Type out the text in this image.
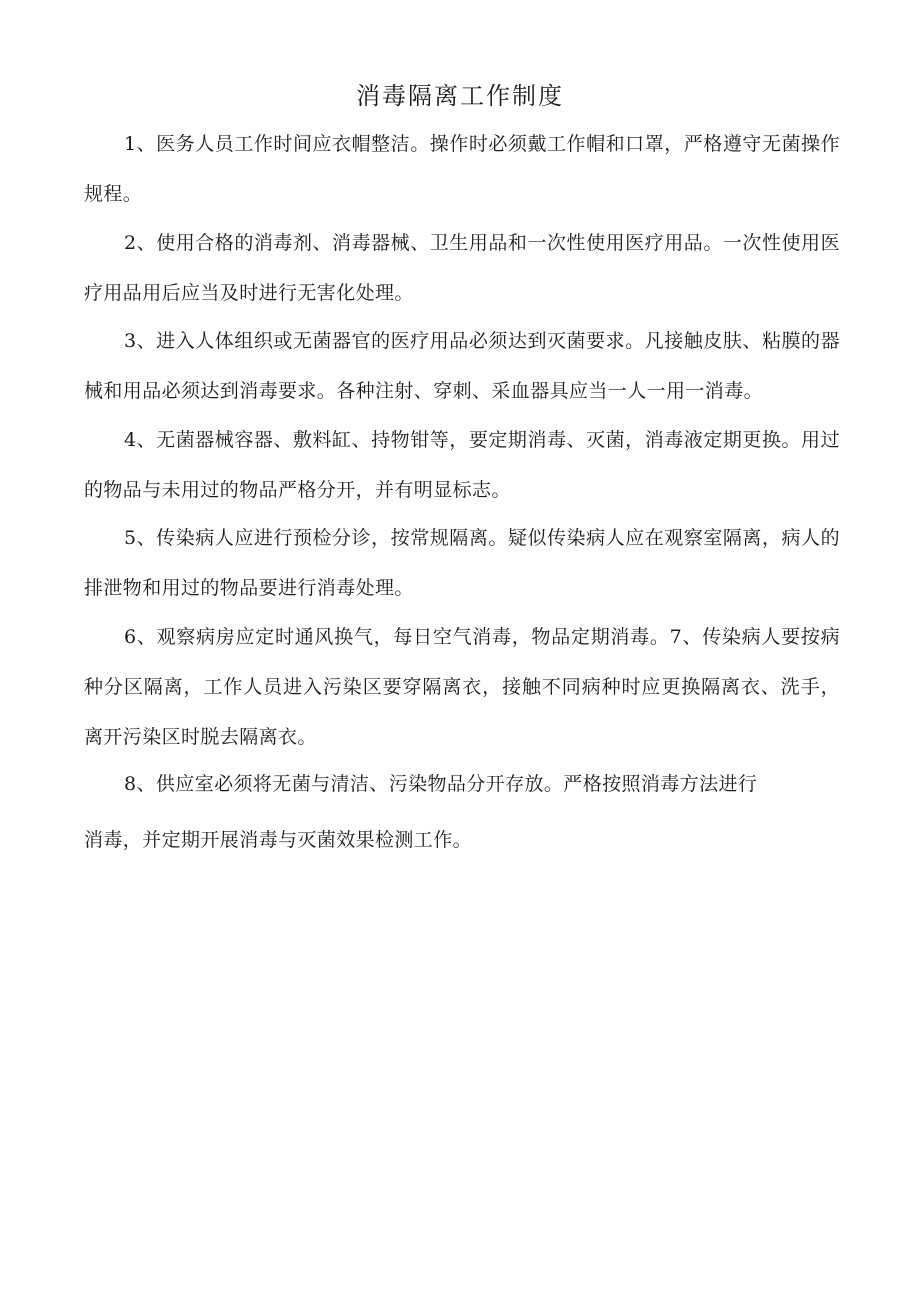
消毒隔离工作制度

1、医务人员工作时间应衣帽整洁。操作时必须戴工作帽和口罩，严格遵守无菌操作规程。

2、使用合格的消毒剂、消毒器械、卫生用品和一次性使用医疗用品。一次性使用医疗用品用后应当及时进行无害化处理。

3、进入人体组织或无菌器官的医疗用品必须达到灭菌要求。凡接触皮肤、粘膜的器械和用品必须达到消毒要求。各种注射、穿刺、采血器具应当一人一用一消毒。

4、无菌器械容器、敷料缸、持物钳等，要定期消毒、灭菌，消毒液定期更换。用过的物品与未用过的物品严格分开，并有明显标志。

5、传染病人应进行预检分诊，按常规隔离。疑似传染病人应在观察室隔离，病人的排泄物和用过的物品要进行消毒处理。

6、观察病房应定时通风换气，每日空气消毒，物品定期消毒。7、传染病人要按病种分区隔离，工作人员进入污染区要穿隔离衣，接触不同病种时应更换隔离衣、洗手，离开污染区时脱去隔离衣。

8、供应室必须将无菌与清洁、污染物品分开存放。严格按照消毒方法进行

消毒，并定期开展消毒与灭菌效果检测工作。
